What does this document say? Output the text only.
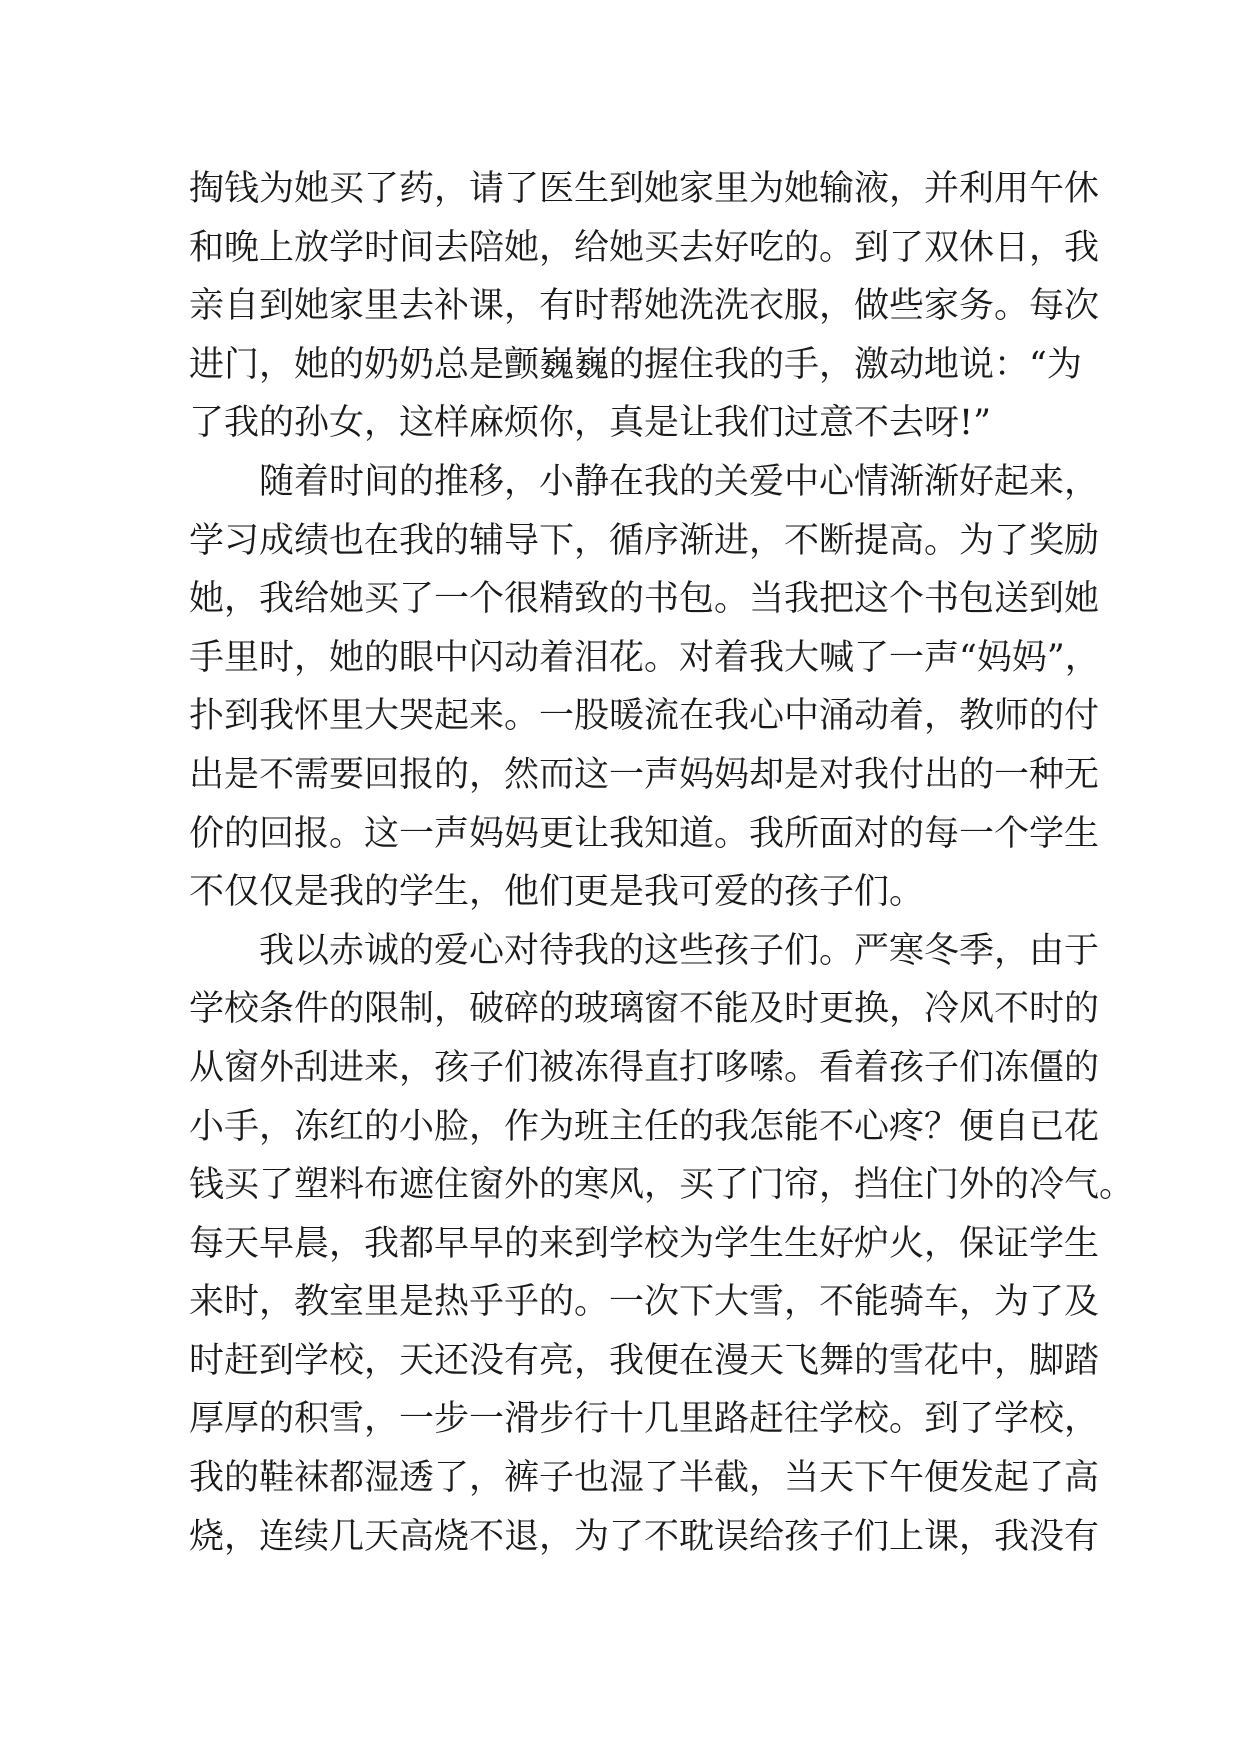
掏钱为她买了药，请了医生到她家里为她输液，并利用午休
和晚上放学时间去陪她，给她买去好吃的。到了双休日，我
亲自到她家里去补课，有时帮她洗洗衣服，做些家务。每次
进门，她的奶奶总是颤巍巍的握住我的手，激动地说：“为
了我的孙女，这样麻烦你，真是让我们过意不去呀!”
随着时间的推移，小静在我的关爱中心情渐渐好起来，
学习成绩也在我的辅导下，循序渐进，不断提高。为了奖励
她，我给她买了一个很精致的书包。当我把这个书包送到她
手里时，她的眼中闪动着泪花。对着我大喊了一声“妈妈”，
扑到我怀里大哭起来。一股暖流在我心中涌动着，教师的付
出是不需要回报的，然而这一声妈妈却是对我付出的一种无
价的回报。这一声妈妈更让我知道。我所面对的每一个学生
不仅仅是我的学生，他们更是我可爱的孩子们。
我以赤诚的爱心对待我的这些孩子们。严寒冬季，由于
学校条件的限制，破碎的玻璃窗不能及时更换，冷风不时的
从窗外刮进来，孩子们被冻得直打哆嗦。看着孩子们冻僵的
小手，冻红的小脸，作为班主任的我怎能不心疼？便自已花
钱买了塑料布遮住窗外的寒风，买了门帘，挡住门外的冷气。
每天早晨，我都早早的来到学校为学生生好炉火，保证学生
来时，教室里是热乎乎的。一次下大雪，不能骑车，为了及
时赶到学校，天还没有亮，我便在漫天飞舞的雪花中，脚踏
厚厚的积雪，一步一滑步行十几里路赶往学校。到了学校，
我的鞋袜都湿透了，裤子也湿了半截，当天下午便发起了高
烧，连续几天高烧不退，为了不耽误给孩子们上课，我没有
